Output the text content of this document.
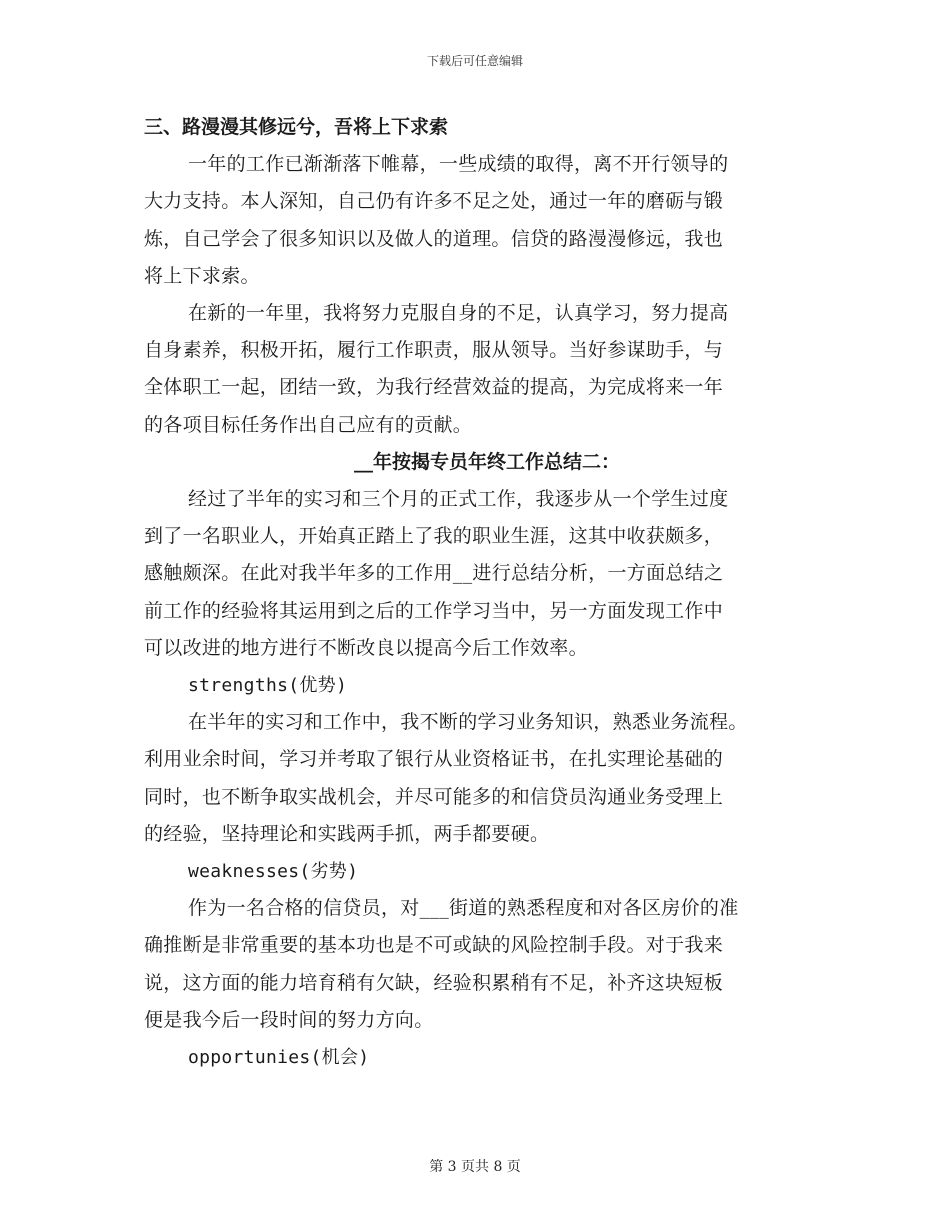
下载后可任意编辑
三、路漫漫其修远兮，吾将上下求索
一年的工作已渐渐落下帷幕，一些成绩的取得，离不开行领导的
大力支持。本人深知，自己仍有许多不足之处，通过一年的磨砺与锻
炼，自己学会了很多知识以及做人的道理。信贷的路漫漫修远，我也
将上下求索。
在新的一年里，我将努力克服自身的不足，认真学习，努力提高
自身素养，积极开拓，履行工作职责，服从领导。当好参谋助手，与
全体职工一起，团结一致，为我行经营效益的提高，为完成将来一年
的各项目标任务作出自己应有的贡献。
__年按揭专员年终工作总结二：
经过了半年的实习和三个月的正式工作，我逐步从一个学生过度
到了一名职业人，开始真正踏上了我的职业生涯，这其中收获颇多，
感触颇深。在此对我半年多的工作用__进行总结分析，一方面总结之
前工作的经验将其运用到之后的工作学习当中，另一方面发现工作中
可以改进的地方进行不断改良以提高今后工作效率。
strengths(优势)
在半年的实习和工作中，我不断的学习业务知识，熟悉业务流程。
利用业余时间，学习并考取了银行从业资格证书，在扎实理论基础的
同时，也不断争取实战机会，并尽可能多的和信贷员沟通业务受理上
的经验，坚持理论和实践两手抓，两手都要硬。
weaknesses(劣势)
作为一名合格的信贷员，对___街道的熟悉程度和对各区房价的准
确推断是非常重要的基本功也是不可或缺的风险控制手段。对于我来
说，这方面的能力培育稍有欠缺，经验积累稍有不足，补齐这块短板
便是我今后一段时间的努力方向。
opportunies(机会)
第 3 页共 8 页
